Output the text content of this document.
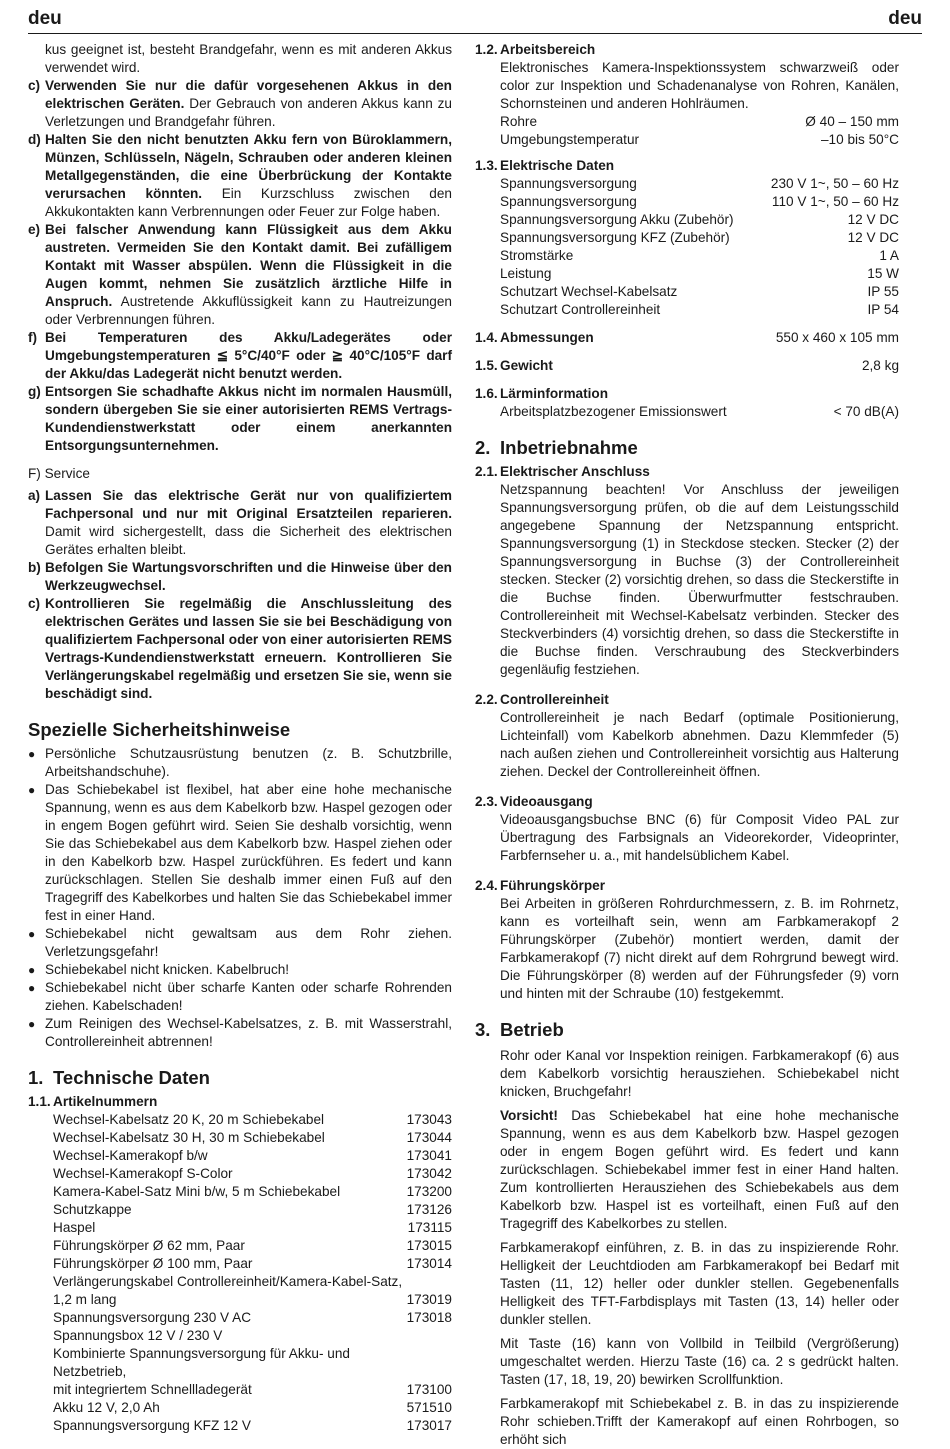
deu	deu

kus geeignet ist, besteht Brandgefahr, wenn es mit anderen Akkus verwendet wird.

c) Verwenden Sie nur die dafür vorgesehenen Akkus in den elektrischen Geräten. Der Gebrauch von anderen Akkus kann zu Verletzungen und Brandgefahr führen.
d) Halten Sie den nicht benutzten Akku fern von Büroklammern, Münzen, Schlüsseln, Nägeln, Schrauben oder anderen kleinen Metallgegenständen, die eine Überbrückung der Kontakte verursachen könnten. Ein Kurzschluss zwischen den Akkukontakten kann Verbrennungen oder Feuer zur Folge haben.
e) Bei falscher Anwendung kann Flüssigkeit aus dem Akku austreten. Vermeiden Sie den Kontakt damit. Bei zufälligem Kontakt mit Wasser abspülen. Wenn die Flüssigkeit in die Augen kommt, nehmen Sie zusätzlich ärztliche Hilfe in Anspruch. Austretende Akkuflüssigkeit kann zu Hautreizungen oder Verbrennungen führen.
f) Bei Temperaturen des Akku/Ladegerätes oder Umgebungstemperaturen ≦ 5°C/40°F oder ≧ 40°C/105°F darf der Akku/das Ladegerät nicht benutzt werden.
g) Entsorgen Sie schadhafte Akkus nicht im normalen Hausmüll, sondern übergeben Sie sie einer autorisierten REMS Vertrags-Kundendienstwerkstatt oder einem anerkannten Entsorgungsunternehmen.

F) Service

a) Lassen Sie das elektrische Gerät nur von qualifiziertem Fachpersonal und nur mit Original Ersatzteilen reparieren. Damit wird sichergestellt, dass die Sicherheit des elektrischen Gerätes erhalten bleibt.
b) Befolgen Sie Wartungsvorschriften und die Hinweise über den Werkzeugwechsel.
c) Kontrollieren Sie regelmäßig die Anschlussleitung des elektrischen Gerätes und lassen Sie sie bei Beschädigung von qualifiziertem Fachpersonal oder von einer autorisierten REMS Vertrags-Kundendienstwerkstatt erneuern. Kontrollieren Sie Verlängerungskabel regelmäßig und ersetzen Sie sie, wenn sie beschädigt sind.
Spezielle Sicherheitshinweise
● Persönliche Schutzausrüstung benutzen (z. B. Schutzbrille, Arbeitshandschuhe).
● Das Schiebekabel ist flexibel, hat aber eine hohe mechanische Spannung, wenn es aus dem Kabelkorb bzw. Haspel gezogen oder in engem Bogen geführt wird. Seien Sie deshalb vorsichtig, wenn Sie das Schiebekabel aus dem Kabelkorb bzw. Haspel ziehen oder in den Kabelkorb bzw. Haspel zurückführen. Es federt und kann zurückschlagen. Stellen Sie deshalb immer einen Fuß auf den Tragegriff des Kabelkorbes und halten Sie das Schiebekabel immer fest in einer Hand.
● Schiebekabel nicht gewaltsam aus dem Rohr ziehen. Verletzungsgefahr!
● Schiebekabel nicht knicken. Kabelbruch!
● Schiebekabel nicht über scharfe Kanten oder scharfe Rohrenden ziehen. Kabelschaden!
● Zum Reinigen des Wechsel-Kabelsatzes, z. B. mit Wasserstrahl, Controllereinheit abtrennen!
1. Technische Daten
1.1. Artikelnummern
Wechsel-Kabelsatz 20 K, 20 m Schiebekabel	173043
Wechsel-Kabelsatz 30 H, 30 m Schiebekabel	173044
Wechsel-Kamerakopf b/w	173041
Wechsel-Kamerakopf S-Color	173042
Kamera-Kabel-Satz Mini b/w, 5 m Schiebekabel	173200
Schutzkappe	173126
Haspel	173115
Führungskörper Ø 62 mm, Paar	173015
Führungskörper Ø 100 mm, Paar	173014
Verlängerungskabel Controllereinheit/Kamera-Kabel-Satz,
1,2 m lang	173019
Spannungsversorgung 230 V AC	173018
Spannungsbox 12 V / 230 V
Kombinierte Spannungsversorgung für Akku- und Netzbetrieb,
mit integriertem Schnellladegerät	173100
Akku 12 V, 2,0 Ah	571510
Spannungsversorgung KFZ 12 V	173017
1.2. Arbeitsbereich

Elektronisches Kamera-Inspektionssystem schwarzweiß oder color zur Inspektion und Schadenanalyse von Rohren, Kanälen, Schornsteinen und anderen Hohlräumen.

Rohre	Ø 40 – 150 mm
Umgebungstemperatur	–10 bis 50°C
1.3. Elektrische Daten
Spannungsversorgung	230 V 1~, 50 – 60 Hz
Spannungsversorgung	110 V 1~, 50 – 60 Hz
Spannungsversorgung Akku (Zubehör)	12 V DC
Spannungsversorgung KFZ (Zubehör)	12 V DC
Stromstärke	1 A
Leistung	15 W
Schutzart Wechsel-Kabelsatz	IP 55
Schutzart Controllereinheit	IP 54
1.4. Abmessungen	550 x 460 x 105 mm
1.5. Gewicht	2,8 kg
1.6. Lärminformation
Arbeitsplatzbezogener Emissionswert	< 70 dB(A)
2. Inbetriebnahme
2.1. Elektrischer Anschluss

Netzspannung beachten! Vor Anschluss der jeweiligen Spannungsversorgung prüfen, ob die auf dem Leistungsschild angegebene Spannung der Netzspannung entspricht. Spannungsversorgung (1) in Steckdose stecken. Stecker (2) der Spannungsversorgung in Buchse (3) der Controllereinheit stecken. Stecker (2) vorsichtig drehen, so dass die Steckerstifte in die Buchse finden. Überwurfmutter festschrauben. Controllereinheit mit Wechsel-Kabelsatz verbinden. Stecker des Steckverbinders (4) vorsichtig drehen, so dass die Steckerstifte in die Buchse finden. Verschraubung des Steckverbinders gegenläufig festziehen.

2.2. Controllereinheit

Controllereinheit je nach Bedarf (optimale Positionierung, Lichteinfall) vom Kabelkorb abnehmen. Dazu Klemmfeder (5) nach außen ziehen und Controllereinheit vorsichtig aus Halterung ziehen. Deckel der Controllereinheit öffnen.

2.3. Videoausgang

Videoausgangsbuchse BNC (6) für Composit Video PAL zur Übertragung des Farbsignals an Videorekorder, Videoprinter, Farbfernseher u. a., mit handelsüblichem Kabel.

2.4. Führungskörper

Bei Arbeiten in größeren Rohrdurchmessern, z. B. im Rohrnetz, kann es vorteilhaft sein, wenn am Farbkamerakopf 2 Führungskörper (Zubehör) montiert werden, damit der Farbkamerakopf (7) nicht direkt auf dem Rohrgrund bewegt wird. Die Führungskörper (8) werden auf der Führungsfeder (9) vorn und hinten mit der Schraube (10) festgekemmt.

3. Betrieb

Rohr oder Kanal vor Inspektion reinigen. Farbkamerakopf (6) aus dem Kabelkorb vorsichtig herausziehen. Schiebekabel nicht knicken, Bruchgefahr!

Vorsicht! Das Schiebekabel hat eine hohe mechanische Spannung, wenn es aus dem Kabelkorb bzw. Haspel gezogen oder in engem Bogen geführt wird. Es federt und kann zurückschlagen. Schiebekabel immer fest in einer Hand halten. Zum kontrollierten Herausziehen des Schiebekabels aus dem Kabelkorb bzw. Haspel ist es vorteilhaft, einen Fuß auf den Tragegriff des Kabelkorbes zu stellen.

Farbkamerakopf einführen, z. B. in das zu inspizierende Rohr. Helligkeit der Leuchtdioden am Farbkamerakopf bei Bedarf mit Tasten (11, 12) heller oder dunkler stellen. Gegebenenfalls Helligkeit des TFT-Farbdisplays mit Tasten (13, 14) heller oder dunkler stellen.

Mit Taste (16) kann von Vollbild in Teilbild (Vergrößerung) umgeschaltet werden. Hierzu Taste (16) ca. 2 s gedrückt halten. Tasten (17, 18, 19, 20) bewirken Scrollfunktion.

Farbkamerakopf mit Schiebekabel z. B. in das zu inspizierende Rohr schieben.Trifft der Kamerakopf auf einen Rohrbogen, so erhöht sich
